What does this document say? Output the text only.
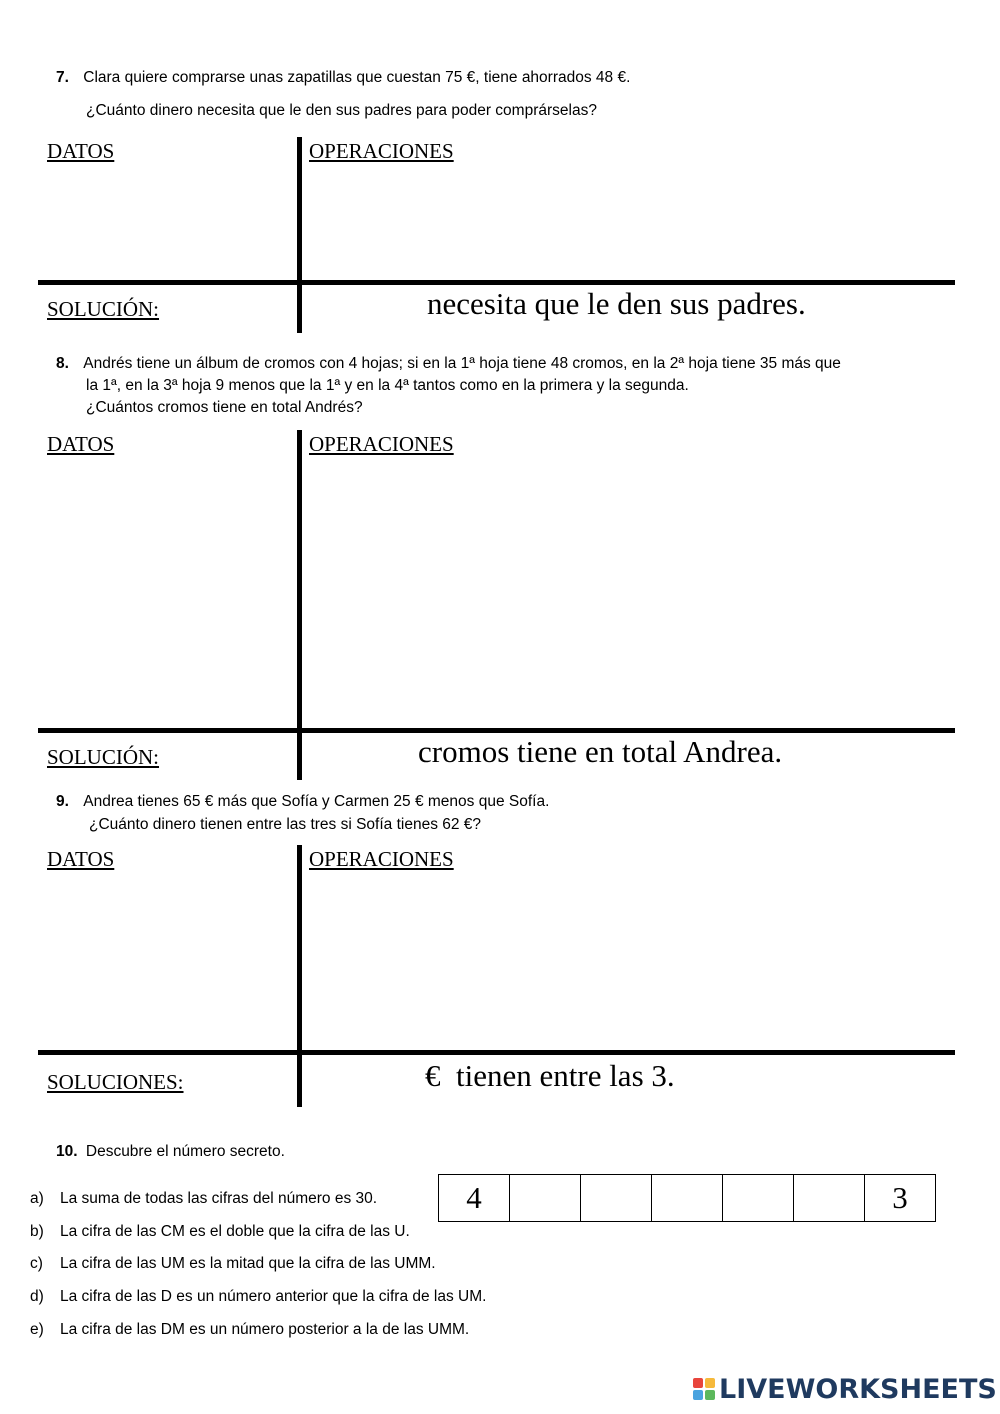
7. Clara quiere comprarse unas zapatillas que cuestan 75 €, tiene ahorrados 48 €.
¿Cuánto dinero necesita que le den sus padres para poder comprárselas?
DATOS	OPERACIONES
SOLUCIÓN:	necesita que le den sus padres.
8. Andrés tiene un álbum de cromos con 4 hojas; si en la 1ª hoja tiene 48 cromos, en la 2ª hoja tiene 35 más que
la 1ª, en la 3ª hoja 9 menos que la 1ª y en la 4ª tantos como en la primera y la segunda.
¿Cuántos cromos tiene en total Andrés?
DATOS	OPERACIONES
SOLUCIÓN:	cromos tiene en total Andrea.
9. Andrea tienes 65 € más que Sofía y Carmen 25 € menos que Sofía.
¿Cuánto dinero tienen entre las tres si Sofía tienes 62 €?
DATOS	OPERACIONES
SOLUCIONES:	€  tienen entre las 3.
10. Descubre el número secreto.
a) La suma de todas las cifras del número es 30.
b) La cifra de las CM es el doble que la cifra de las U.
c) La cifra de las UM es la mitad que la cifra de las UMM.
d) La cifra de las D es un número anterior que la cifra de las UM.
e) La cifra de las DM es un número posterior a la de las UMM.
4						3
LIVEWORKSHEETS
